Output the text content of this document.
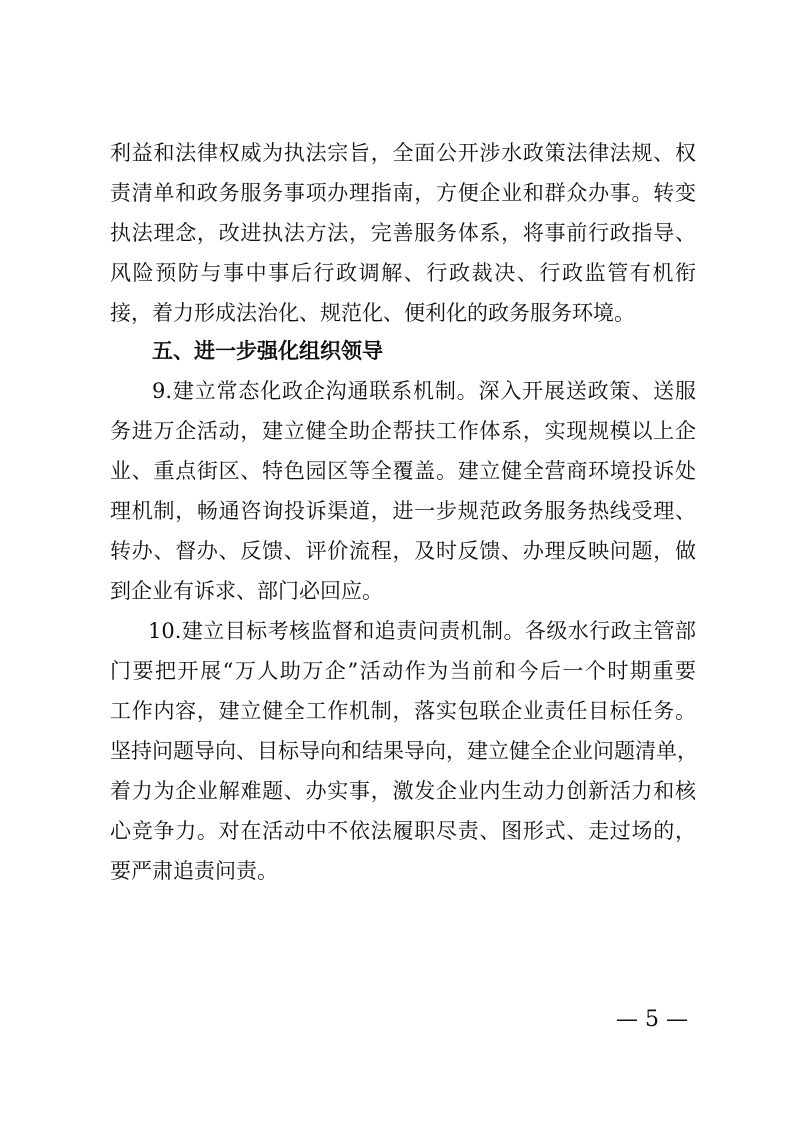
利益和法律权威为执法宗旨，全面公开涉水政策法律法规、权
责清单和政务服务事项办理指南，方便企业和群众办事。转变
执法理念，改进执法方法，完善服务体系，将事前行政指导、
风险预防与事中事后行政调解、行政裁决、行政监管有机衔
接，着力形成法治化、规范化、便利化的政务服务环境。
五、进一步强化组织领导
9.建立常态化政企沟通联系机制。深入开展送政策、送服
务进万企活动，建立健全助企帮扶工作体系，实现规模以上企
业、重点街区、特色园区等全覆盖。建立健全营商环境投诉处
理机制，畅通咨询投诉渠道，进一步规范政务服务热线受理、
转办、督办、反馈、评价流程，及时反馈、办理反映问题，做
到企业有诉求、部门必回应。
10.建立目标考核监督和追责问责机制。各级水行政主管部
门要把开展“万人助万企”活动作为当前和今后一个时期重要
工作内容，建立健全工作机制，落实包联企业责任目标任务。
坚持问题导向、目标导向和结果导向，建立健全企业问题清单，
着力为企业解难题、办实事，激发企业内生动力创新活力和核
心竞争力。对在活动中不依法履职尽责、图形式、走过场的，
要严肃追责问责。
— 5 —
